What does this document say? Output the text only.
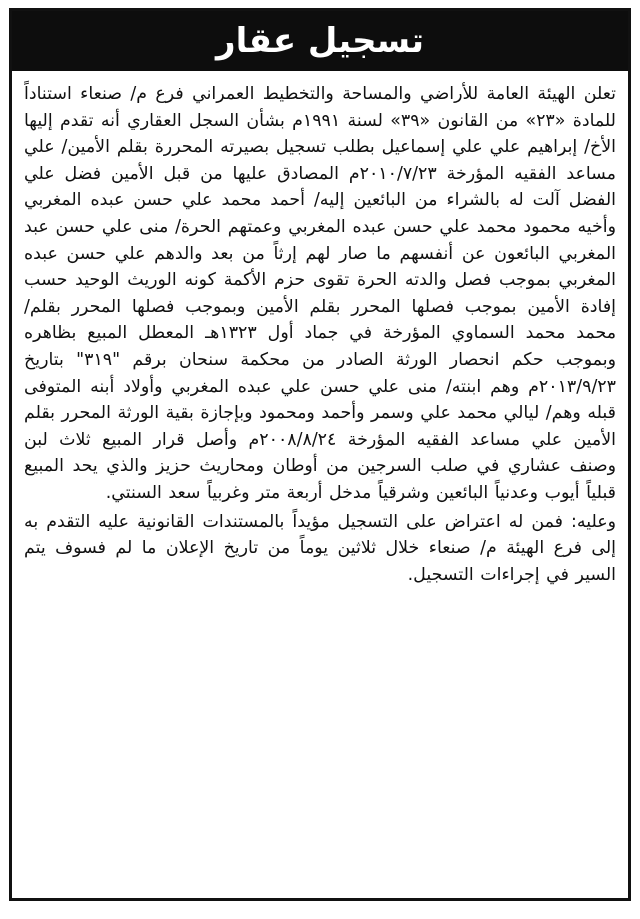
تسجيل عقار

تعلن الهيئة العامة للأراضي والمساحة والتخطيط العمراني فرع م/ صنعاء استناداً للمادة «٢٣» من القانون «٣٩» لسنة ١٩٩١م بشأن السجل العقاري أنه تقدم إليها الأخ/ إبراهيم علي علي إسماعيل بطلب تسجيل بصيرته المحررة بقلم الأمين/ علي مساعد الفقيه المؤرخة ٢٠١٠/٧/٢٣م المصادق عليها من قبل الأمين فضل علي الفضل آلت له بالشراء من البائعين إليه/ أحمد محمد علي حسن عبده المغربي وأخيه محمود محمد علي حسن عبده المغربي وعمتهم الحرة/ منى علي حسن عبد المغربي البائعون عن أنفسهم ما صار لهم إرثاً من بعد والدهم علي حسن عبده المغربي بموجب فصل والدته الحرة تقوى حزم الأكمة كونه الوريث الوحيد حسب إفادة الأمين بموجب فصلها المحرر بقلم الأمين وبموجب فصلها المحرر بقلم/ محمد محمد السماوي المؤرخة في جماد أول ١٣٢٣هـ المعطل المبيع بظاهره وبموجب حكم انحصار الورثة الصادر من محكمة سنحان برقم "٣١٩" بتاريخ ٢٠١٣/٩/٢٣م وهم ابنته/ منى علي حسن علي عبده المغربي وأولاد أبنه المتوفى قبله وهم/ ليالي محمد علي وسمر وأحمد ومحمود وبإجازة بقية الورثة المحرر بقلم الأمين علي مساعد الفقيه المؤرخة ٢٠٠٨/٨/٢٤م وأصل قرار المبيع ثلاث لبن وصنف عشاري في صلب السرجين من أوطان ومحاريث حزيز والذي يحد المبيع قبلياً أيوب وعدنياً البائعين وشرقياً مدخل أربعة متر وغربياً سعد السنتي.

وعليه: فمن له اعتراض على التسجيل مؤيداً بالمستندات القانونية عليه التقدم به إلى فرع الهيئة م/ صنعاء خلال ثلاثين يوماً من تاريخ الإعلان ما لم فسوف يتم السير في إجراءات التسجيل.
